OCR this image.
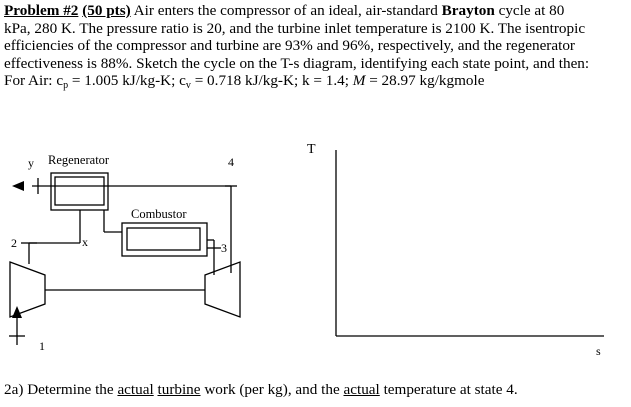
Problem #2 (50 pts) Air enters the compressor of an ideal, air-standard Brayton cycle at 80
kPa, 280 K. The pressure ratio is 20, and the turbine inlet temperature is 2100 K. The isentropic
efficiencies of the compressor and turbine are 93% and 96%, respectively, and the regenerator
effectiveness is 88%. Sketch the cycle on the T-s diagram, identifying each state point, and then:
For Air: $c_p = 1.005$ kJ/kg-K; $c_v = 0.718$ kJ/kg-K; k = 1.4; M = 28.97 kg/kgmole
Regenerator
Combustor
y
x
4
3
2
1
T
s
2a) Determine the actual turbine work (per kg), and the actual temperature at state 4.
